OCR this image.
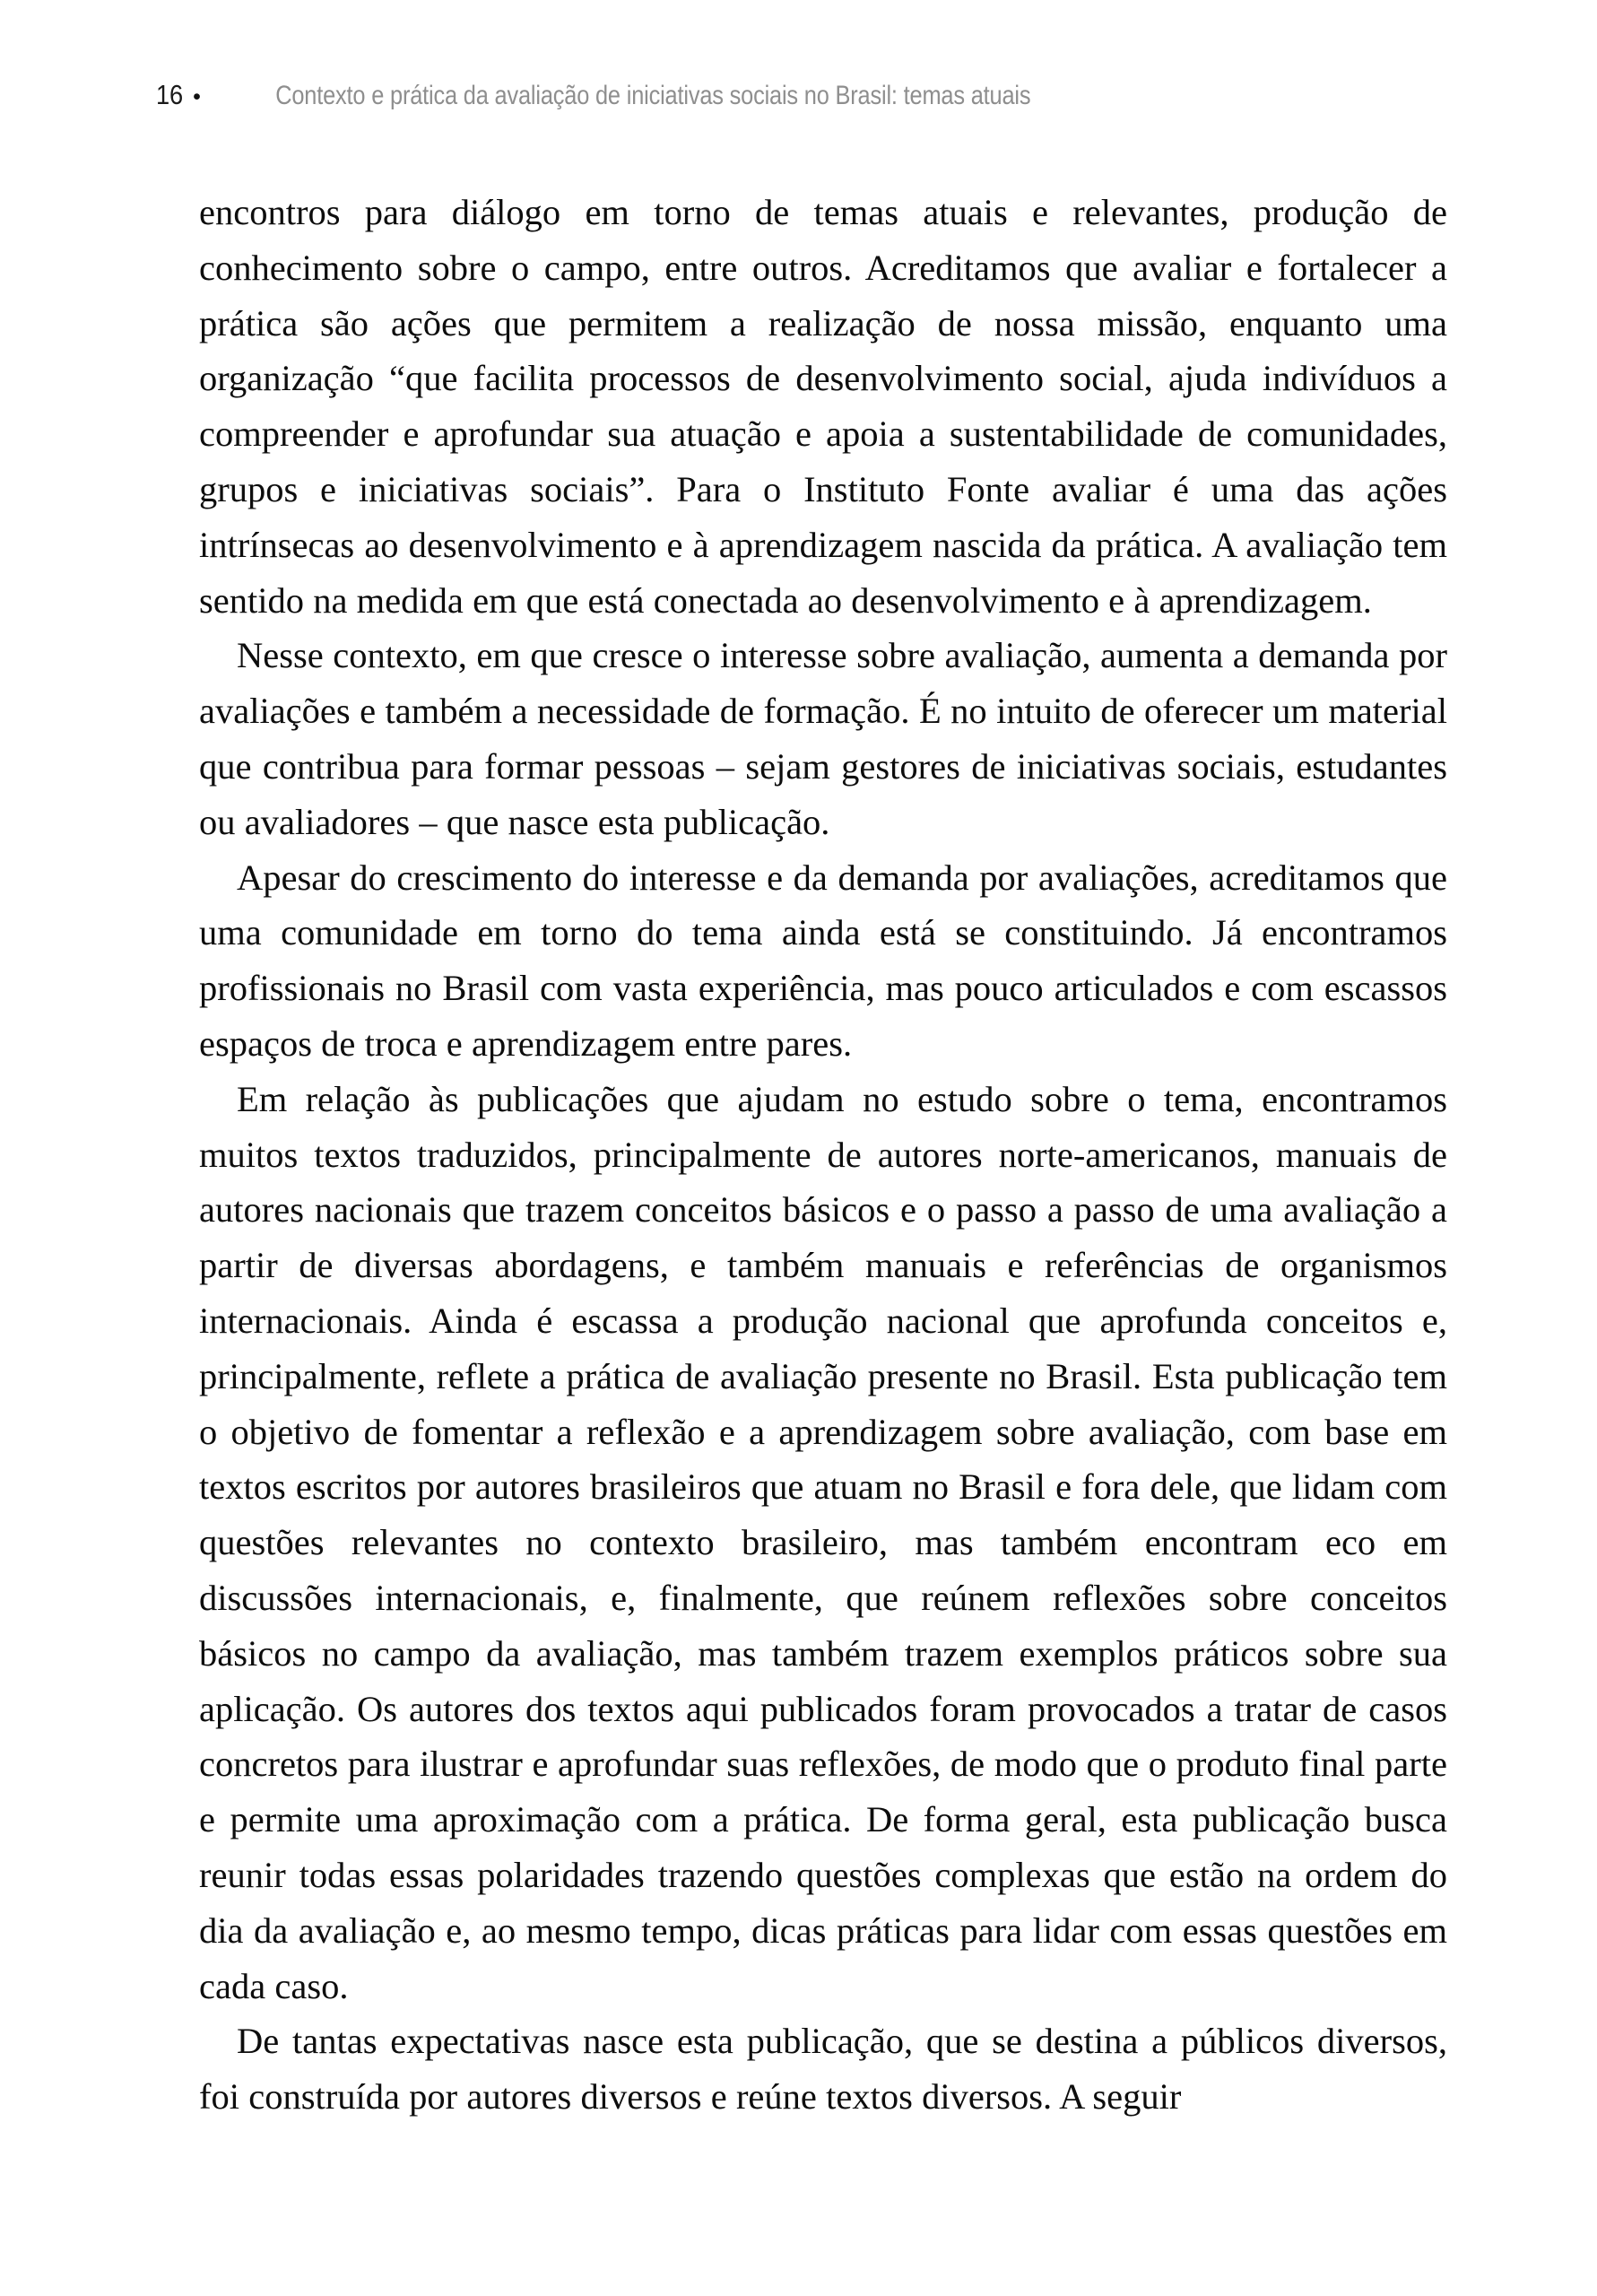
16 •	Contexto e prática da avaliação de iniciativas sociais no Brasil: temas atuais

encontros para diálogo em torno de temas atuais e relevantes, produção de conhecimento sobre o campo, entre outros. Acreditamos que avaliar e fortalecer a prática são ações que permitem a realização de nossa missão, enquanto uma organização “que facilita processos de desenvolvimento social, ajuda indivíduos a compreender e aprofundar sua atuação e apoia a sustentabilidade de comunidades, grupos e iniciativas sociais”. Para o Instituto Fonte avaliar é uma das ações intrínsecas ao desenvolvimento e à aprendizagem nascida da prática. A avaliação tem sentido na medida em que está conectada ao desenvolvimento e à aprendizagem.

Nesse contexto, em que cresce o interesse sobre avaliação, aumenta a demanda por avaliações e também a necessidade de formação. É no intuito de oferecer um material que contribua para formar pessoas – sejam gestores de iniciativas sociais, estudantes ou avaliadores – que nasce esta publicação.

Apesar do crescimento do interesse e da demanda por avaliações, acreditamos que uma comunidade em torno do tema ainda está se constituindo. Já encontramos profissionais no Brasil com vasta experiência, mas pouco articulados e com escassos espaços de troca e aprendizagem entre pares.

Em relação às publicações que ajudam no estudo sobre o tema, encontramos muitos textos traduzidos, principalmente de autores norte-americanos, manuais de autores nacionais que trazem conceitos básicos e o passo a passo de uma avaliação a partir de diversas abordagens, e também manuais e referências de organismos internacionais. Ainda é escassa a produção nacional que aprofunda conceitos e, principalmente, reflete a prática de avaliação presente no Brasil. Esta publicação tem o objetivo de fomentar a reflexão e a aprendizagem sobre avaliação, com base em textos escritos por autores brasileiros que atuam no Brasil e fora dele, que lidam com questões relevantes no contexto brasileiro, mas também encontram eco em discussões internacionais, e, finalmente, que reúnem reflexões sobre conceitos básicos no campo da avaliação, mas também trazem exemplos práticos sobre sua aplicação. Os autores dos textos aqui publicados foram provocados a tratar de casos concretos para ilustrar e aprofundar suas reflexões, de modo que o produto final parte e permite uma aproximação com a prática. De forma geral, esta publicação busca reunir todas essas polaridades trazendo questões complexas que estão na ordem do dia da avaliação e, ao mesmo tempo, dicas práticas para lidar com essas questões em cada caso.

De tantas expectativas nasce esta publicação, que se destina a públicos diversos, foi construída por autores diversos e reúne textos diversos. A seguir
